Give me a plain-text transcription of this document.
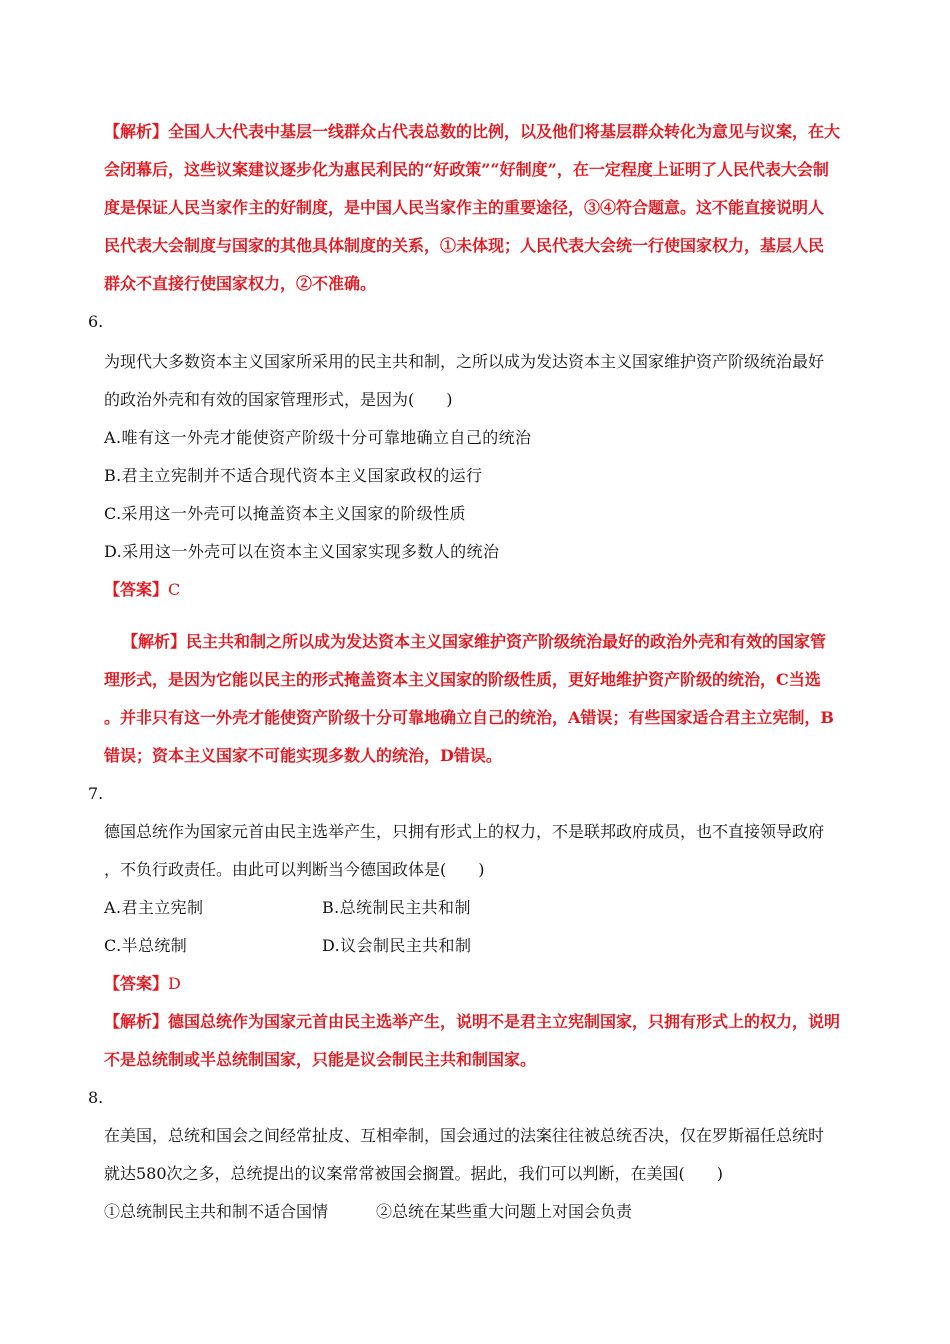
【解析】全国人大代表中基层一线群众占代表总数的比例，以及他们将基层群众转化为意见与议案，在大
会闭幕后，这些议案建议逐步化为惠民利民的“好政策”“好制度”，在一定程度上证明了人民代表大会制
度是保证人民当家作主的好制度，是中国人民当家作主的重要途径，③④符合题意。这不能直接说明人
民代表大会制度与国家的其他具体制度的关系，①未体现；人民代表大会统一行使国家权力，基层人民
群众不直接行使国家权力，②不准确。
6.
为现代大多数资本主义国家所采用的民主共和制，之所以成为发达资本主义国家维护资产阶级统治最好
的政治外壳和有效的国家管理形式，是因为(　　)
A.唯有这一外壳才能使资产阶级十分可靠地确立自己的统治
B.君主立宪制并不适合现代资本主义国家政权的运行
C.采用这一外壳可以掩盖资本主义国家的阶级性质
D.采用这一外壳可以在资本主义国家实现多数人的统治
【答案】C
【解析】民主共和制之所以成为发达资本主义国家维护资产阶级统治最好的政治外壳和有效的国家管
理形式，是因为它能以民主的形式掩盖资本主义国家的阶级性质，更好地维护资产阶级的统治，C当选
。并非只有这一外壳才能使资产阶级十分可靠地确立自己的统治，A错误；有些国家适合君主立宪制，B
错误；资本主义国家不可能实现多数人的统治，D错误。
7.
德国总统作为国家元首由民主选举产生，只拥有形式上的权力，不是联邦政府成员，也不直接领导政府
，不负行政责任。由此可以判断当今德国政体是(　　)
A.君主立宪制	B.总统制民主共和制
C.半总统制	D.议会制民主共和制
【答案】D
【解析】德国总统作为国家元首由民主选举产生，说明不是君主立宪制国家，只拥有形式上的权力，说明
不是总统制或半总统制国家，只能是议会制民主共和制国家。
8.
在美国，总统和国会之间经常扯皮、互相牵制，国会通过的法案往往被总统否决，仅在罗斯福任总统时
就达580次之多，总统提出的议案常常被国会搁置。据此，我们可以判断，在美国(　　)
①总统制民主共和制不适合国情	②总统在某些重大问题上对国会负责
